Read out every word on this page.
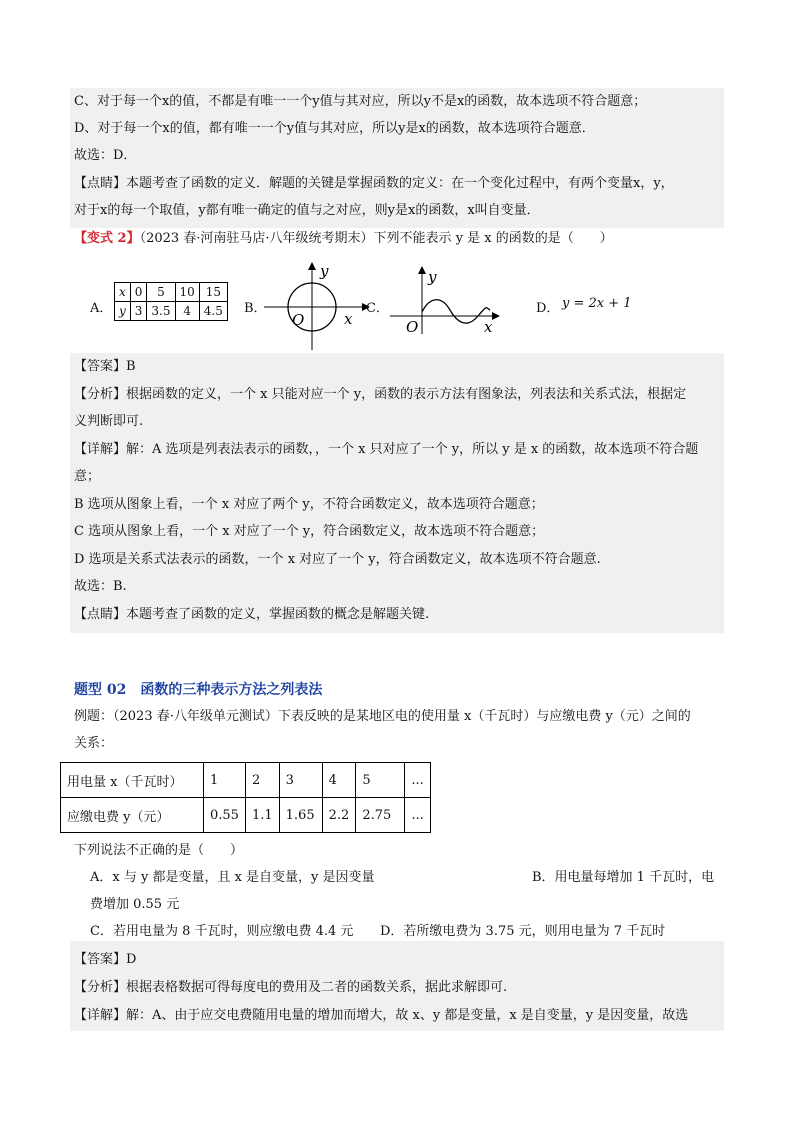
C、对于每一个x的值，不都是有唯一一个y值与其对应，所以y不是x的函数，故本选项不符合题意；
D、对于每一个x的值，都有唯一一个y值与其对应，所以y是x的函数，故本选项符合题意．
故选：D．
【点睛】本题考查了函数的定义．解题的关键是掌握函数的定义：在一个变化过程中，有两个变量x，y，
对于x的每一个取值，y都有唯一确定的值与之对应，则y是x的函数，x叫自变量．
【变式 2】（2023 春·河南驻马店·八年级统考期末）下列不能表示 y 是 x 的函数的是（　　）
A．
x	0	5	10	15
y	3	3.5	4	4.5 B．
O	x
y
C．
O	x
y
D． y = 2x + 1
【答案】B
【分析】根据函数的定义，一个 x 只能对应一个 y，函数的表示方法有图象法，列表法和关系式法，根据定
义判断即可.
【详解】解：A 选项是列表法表示的函数，，一个 x 只对应了一个 y，所以 y 是 x 的函数，故本选项不符合题
意；
B 选项从图象上看，一个 x 对应了两个 y，不符合函数定义，故本选项符合题意；
C 选项从图象上看，一个 x 对应了一个 y，符合函数定义，故本选项不符合题意；
D 选项是关系式法表示的函数，一个 x 对应了一个 y，符合函数定义，故本选项不符合题意.
故选：B.
【点睛】本题考查了函数的定义，掌握函数的概念是解题关键.
题型 02　函数的三种表示方法之列表法
例题：（2023 春·八年级单元测试）下表反映的是某地区电的使用量 x（千瓦时）与应缴电费 y（元）之间的
关系：
用电量 x（千瓦时）	1	2	3	4	5	...
应缴电费 y（元）	0.55	1.1	1.65	2.2	2.75	...
下列说法不正确的是（　　）
A．x 与 y 都是变量，且 x 是自变量，y 是因变量	B．用电量每增加 1 千瓦时，电
费增加 0.55 元
C．若用电量为 8 千瓦时，则应缴电费 4.4 元	D．若所缴电费为 3.75 元，则用电量为 7 千瓦时
【答案】D
【分析】根据表格数据可得每度电的费用及二者的函数关系，据此求解即可.
【详解】解：A、由于应交电费随用电量的增加而增大，故 x、y 都是变量，x 是自变量，y 是因变量，故选
